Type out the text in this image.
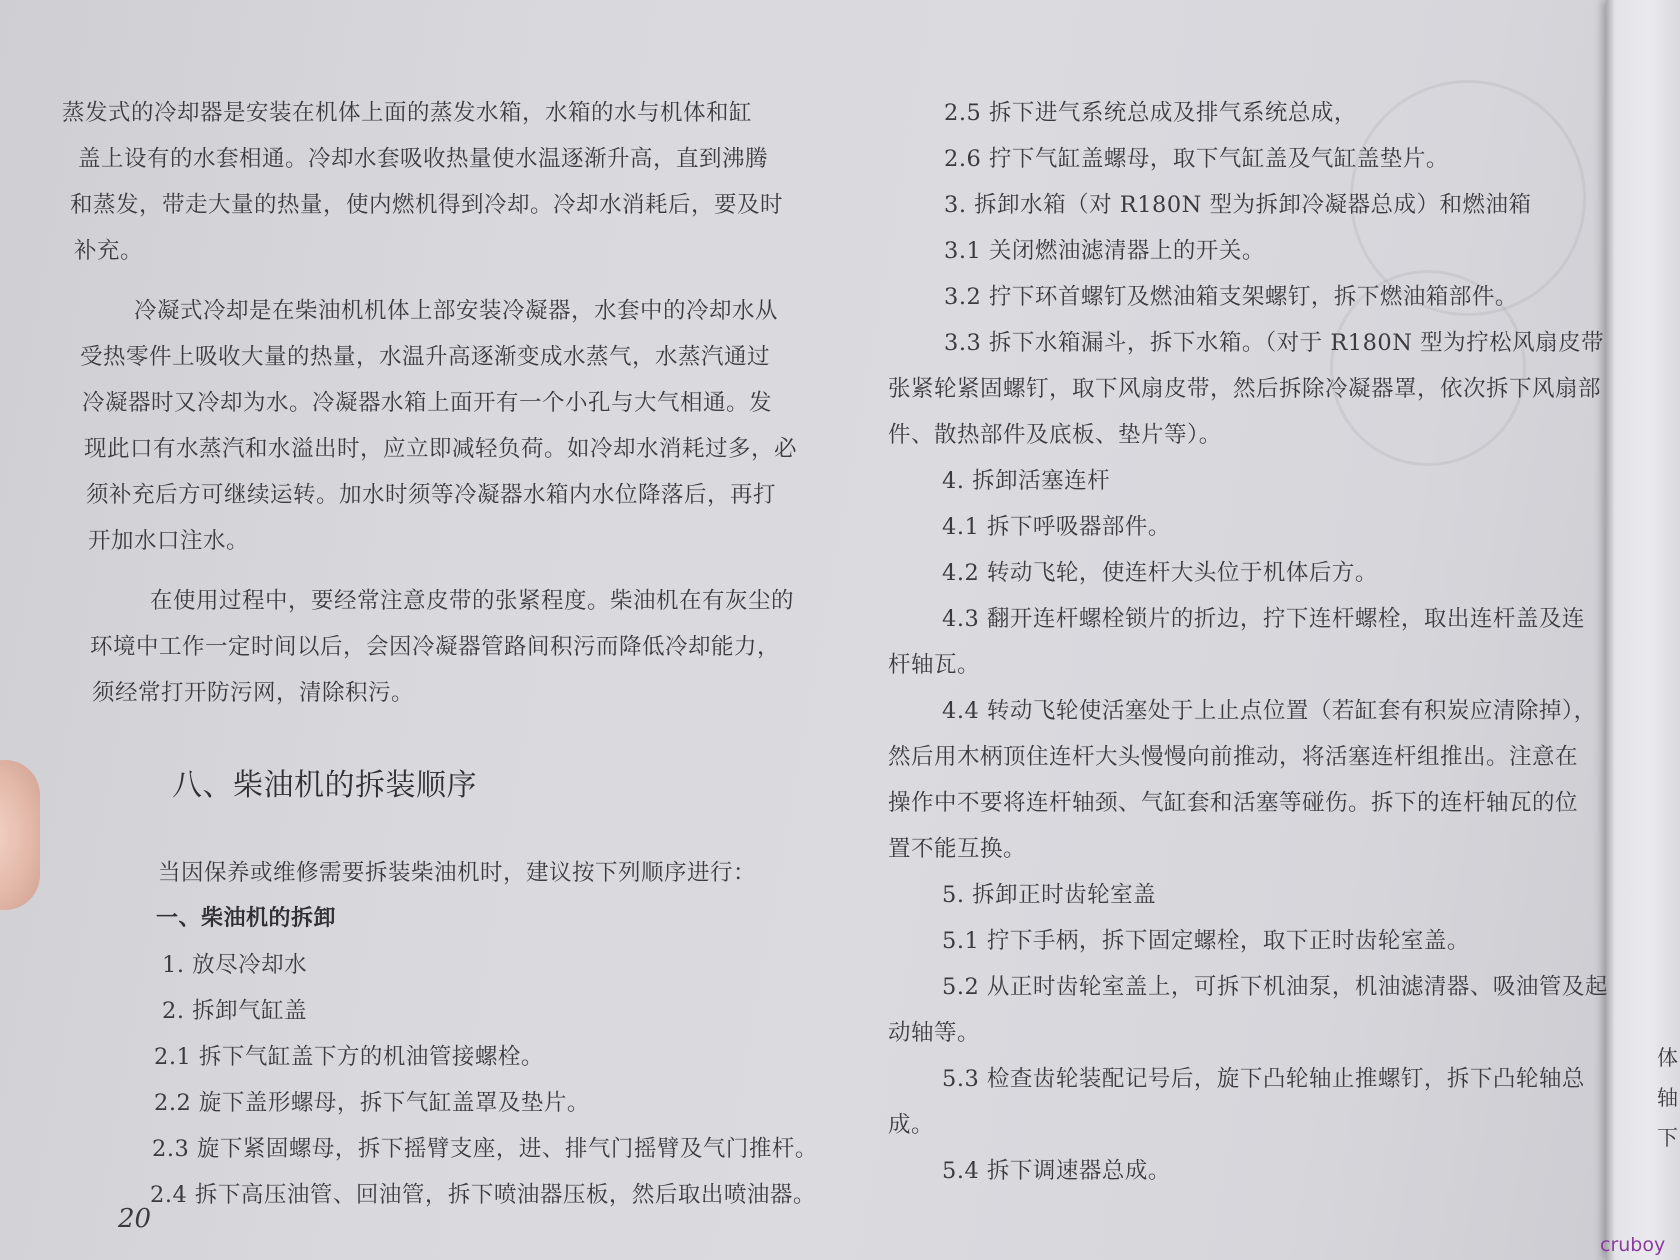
蒸发式的冷却器是安装在机体上面的蒸发水箱，水箱的水与机体和缸
盖上设有的水套相通。冷却水套吸收热量使水温逐渐升高，直到沸腾
和蒸发，带走大量的热量，使内燃机得到冷却。冷却水消耗后，要及时
补充。

冷凝式冷却是在柴油机机体上部安装冷凝器，水套中的冷却水从
受热零件上吸收大量的热量，水温升高逐渐变成水蒸气，水蒸汽通过
冷凝器时又冷却为水。冷凝器水箱上面开有一个小孔与大气相通。发
现此口有水蒸汽和水溢出时，应立即减轻负荷。如冷却水消耗过多，必
须补充后方可继续运转。加水时须等冷凝器水箱内水位降落后，再打
开加水口注水。

在使用过程中，要经常注意皮带的张紧程度。柴油机在有灰尘的
环境中工作一定时间以后，会因冷凝器管路间积污而降低冷却能力，
须经常打开防污网，清除积污。

八、柴油机的拆装顺序

当因保养或维修需要拆装柴油机时，建议按下列顺序进行：

一、柴油机的拆卸

1. 放尽冷却水

2. 拆卸气缸盖

2.1 拆下气缸盖下方的机油管接螺栓。

2.2 旋下盖形螺母，拆下气缸盖罩及垫片。

2.3 旋下紧固螺母，拆下摇臂支座，进、排气门摇臂及气门推杆。

2.4 拆下高压油管、回油管，拆下喷油器压板，然后取出喷油器。

20

2.5 拆下进气系统总成及排气系统总成，

2.6 拧下气缸盖螺母，取下气缸盖及气缸盖垫片。

3. 拆卸水箱（对 R180N 型为拆卸冷凝器总成）和燃油箱

3.1 关闭燃油滤清器上的开关。

3.2 拧下环首螺钉及燃油箱支架螺钉，拆下燃油箱部件。

3.3 拆下水箱漏斗，拆下水箱。（对于 R180N 型为拧松风扇皮带

张紧轮紧固螺钉，取下风扇皮带，然后拆除冷凝器罩，依次拆下风扇部

件、散热部件及底板、垫片等）。

4. 拆卸活塞连杆

4.1 拆下呼吸器部件。

4.2 转动飞轮，使连杆大头位于机体后方。

4.3 翻开连杆螺栓锁片的折边，拧下连杆螺栓，取出连杆盖及连

杆轴瓦。

4.4 转动飞轮使活塞处于上止点位置（若缸套有积炭应清除掉），

然后用木柄顶住连杆大头慢慢向前推动，将活塞连杆组推出。注意在

操作中不要将连杆轴颈、气缸套和活塞等碰伤。拆下的连杆轴瓦的位

置不能互换。

5. 拆卸正时齿轮室盖

5.1 拧下手柄，拆下固定螺栓，取下正时齿轮室盖。

5.2 从正时齿轮室盖上，可拆下机油泵，机油滤清器、吸油管及起

动轴等。

5.3 检查齿轮装配记号后，旋下凸轮轴止推螺钉，拆下凸轮轴总

成。

5.4 拆下调速器总成。

体
轴
下
cruboy
